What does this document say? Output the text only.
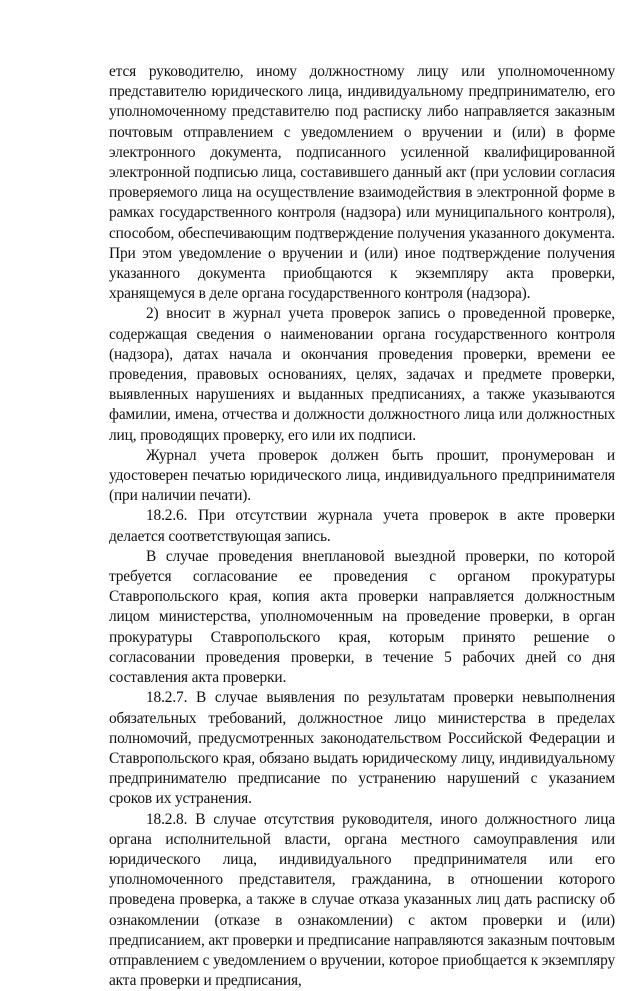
ется руководителю, иному должностному лицу или уполномоченному представителю юридического лица, индивидуальному предпринимателю, его уполномоченному представителю под расписку либо направляется заказным почтовым отправлением с уведомлением о вручении и (или) в форме электронного документа, подписанного усиленной квалифицированной электронной подписью лица, составившего данный акт (при условии согласия проверяемого лица на осуществление взаимодействия в электронной форме в рамках государственного контроля (надзора) или муниципального контроля), способом, обеспечивающим подтверждение получения указанного документа. При этом уведомление о вручении и (или) иное подтверждение получения указанного документа приобщаются к экземпляру акта проверки, хранящемуся в деле органа государственного контроля (надзора).

2) вносит в журнал учета проверок запись о проведенной проверке, содержащая сведения о наименовании органа государственного контроля (надзора), датах начала и окончания проведения проверки, времени ее проведения, правовых основаниях, целях, задачах и предмете проверки, выявленных нарушениях и выданных предписаниях, а также указываются фамилии, имена, отчества и должности должностного лица или должностных лиц, проводящих проверку, его или их подписи.

Журнал учета проверок должен быть прошит, пронумерован и удостоверен печатью юридического лица, индивидуального предпринимателя (при наличии печати).

18.2.6. При отсутствии журнала учета проверок в акте проверки делается соответствующая запись.

В случае проведения внеплановой выездной проверки, по которой требуется согласование ее проведения с органом прокуратуры Ставропольского края, копия акта проверки направляется должностным лицом министерства, уполномоченным на проведение проверки, в орган прокуратуры Ставропольского края, которым принято решение о согласовании проведения проверки, в течение 5 рабочих дней со дня составления акта проверки.

18.2.7. В случае выявления по результатам проверки невыполнения обязательных требований, должностное лицо министерства в пределах полномочий, предусмотренных законодательством Российской Федерации и Ставропольского края, обязано выдать юридическому лицу, индивидуальному предпринимателю предписание по устранению нарушений с указанием сроков их устранения.

18.2.8. В случае отсутствия руководителя, иного должностного лица органа исполнительной власти, органа местного самоуправления или юридического лица, индивидуального предпринимателя или его уполномоченного представителя, гражданина, в отношении которого проведена проверка, а также в случае отказа указанных лиц дать расписку об ознакомлении (отказе в ознакомлении) с актом проверки и (или) предписанием, акт проверки и предписание направляются заказным почтовым отправлением с уведомлением о вручении, которое приобщается к экземпляру акта проверки и предписания,
